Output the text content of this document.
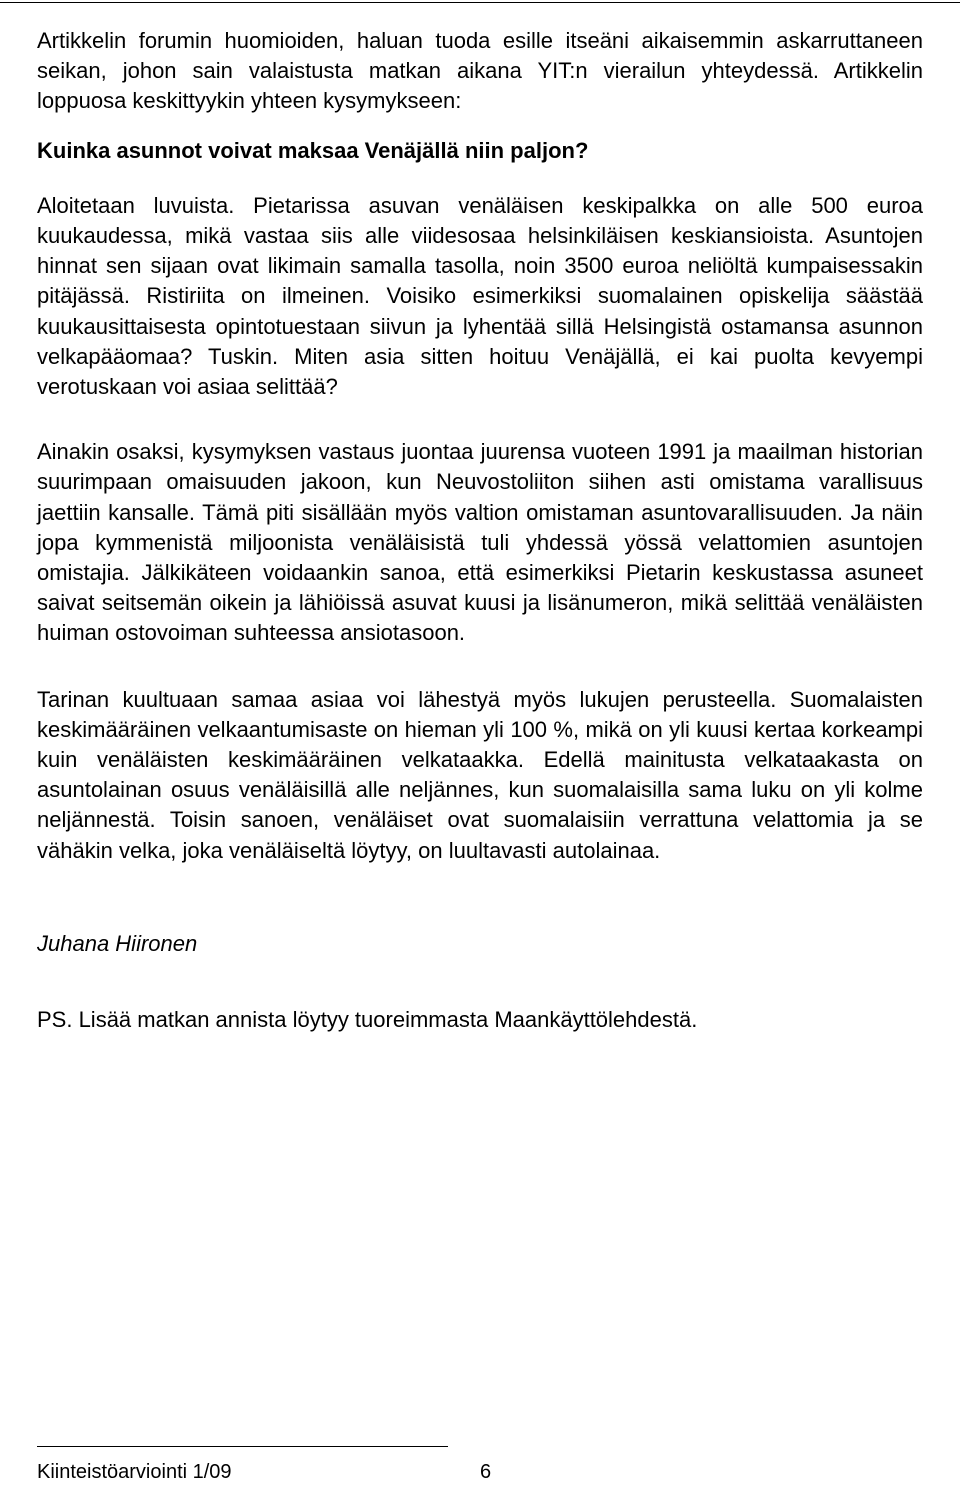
Artikkelin forumin huomioiden, haluan tuoda esille itseäni aikaisemmin askarruttaneen seikan, johon sain valaistusta matkan aikana YIT:n vierailun yhteydessä. Artikkelin loppuosa keskittyykin yhteen kysymykseen:

Kuinka asunnot voivat maksaa Venäjällä niin paljon?

Aloitetaan luvuista. Pietarissa asuvan venäläisen keskipalkka on alle 500 euroa kuukaudessa, mikä vastaa siis alle viidesosaa helsinkiläisen keskiansioista. Asuntojen hinnat sen sijaan ovat likimain samalla tasolla, noin 3500 euroa neliöltä kumpaisessakin pitäjässä. Ristiriita on ilmeinen. Voisiko esimerkiksi suomalainen opiskelija säästää kuukausittaisesta opintotuestaan siivun ja lyhentää sillä Helsingistä ostamansa asunnon velkapääomaa? Tuskin. Miten asia sitten hoituu Venäjällä, ei kai puolta kevyempi verotuskaan voi asiaa selittää?

Ainakin osaksi, kysymyksen vastaus juontaa juurensa vuoteen 1991 ja maailman historian suurimpaan omaisuuden jakoon, kun Neuvostoliiton siihen asti omistama varallisuus jaettiin kansalle. Tämä piti sisällään myös valtion omistaman asuntovarallisuuden. Ja näin jopa kymmenistä miljoonista venäläisistä tuli yhdessä yössä velattomien asuntojen omistajia. Jälkikäteen voidaankin sanoa, että esimerkiksi Pietarin keskustassa asuneet saivat seitsemän oikein ja lähiöissä asuvat kuusi ja lisänumeron, mikä selittää venäläisten huiman ostovoiman suhteessa ansiotasoon.

Tarinan kuultuaan samaa asiaa voi lähestyä myös lukujen perusteella. Suomalaisten keskimääräinen velkaantumisaste on hieman yli 100 %, mikä on yli kuusi kertaa korkeampi kuin venäläisten keskimääräinen velkataakka. Edellä mainitusta velkataakasta on asuntolainan osuus venäläisillä alle neljännes, kun suomalaisilla sama luku on yli kolme neljännestä. Toisin sanoen, venäläiset ovat suomalaisiin verrattuna velattomia ja se vähäkin velka, joka venäläiseltä löytyy, on luultavasti autolainaa.

Juhana Hiironen

PS. Lisää matkan annista löytyy tuoreimmasta Maankäyttölehdestä.

Kiinteistöarviointi 1/09	6
